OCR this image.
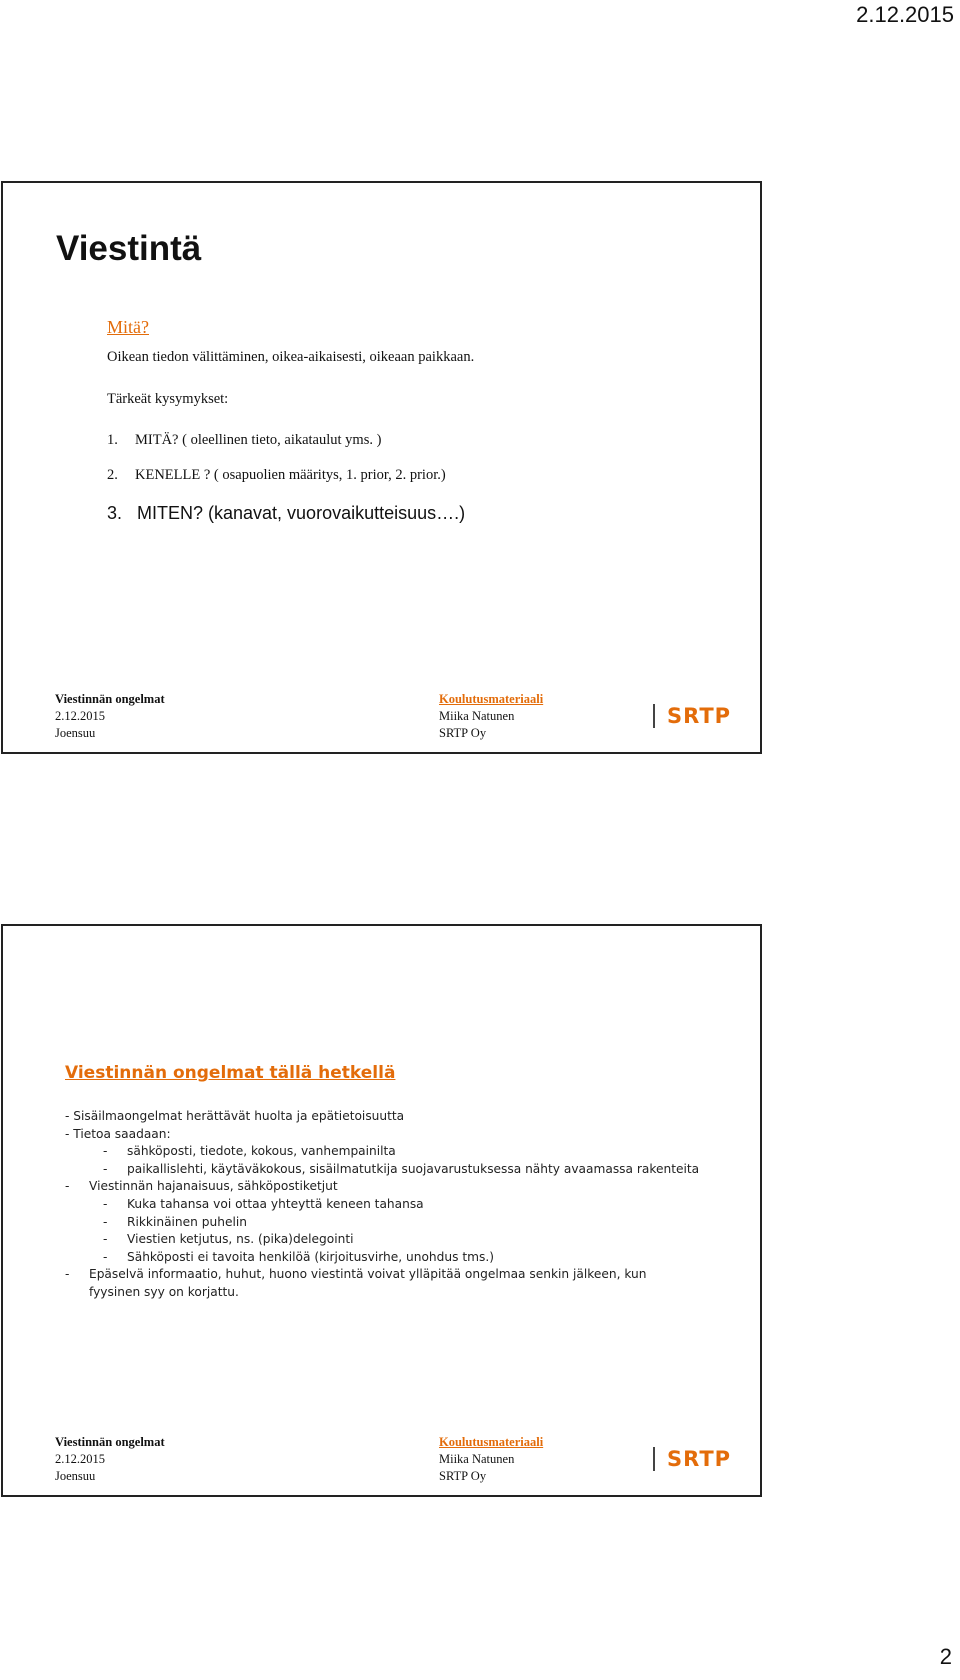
2.12.2015
Viestintä
Mitä?
Oikean tiedon välittäminen, oikea-aikaisesti, oikeaan paikkaan.
Tärkeät kysymykset:
1. MITÄ? ( oleellinen tieto, aikataulut yms. )
2. KENELLE ? ( osapuolien määritys, 1. prior, 2. prior.)
3. MITEN? (kanavat, vuorovaikutteisuus….)
Viestinnän ongelmat
2.12.2015
Joensuu
Koulutusmateriaali
Miika Natunen
SRTP Oy
SRTP
Viestinnän ongelmat tällä hetkellä
- Sisäilmaongelmat herättävät huolta ja epätietoisuutta
- Tietoa saadaan:
- sähköposti, tiedote, kokous, vanhempainilta
- paikallislehti, käytäväkokous, sisäilmatutkija suojavarustuksessa nähty avaamassa rakenteita
- Viestinnän hajanaisuus, sähköpostiketjut
- Kuka tahansa voi ottaa yhteyttä keneen tahansa
- Rikkinäinen puhelin
- Viestien ketjutus, ns. (pika)delegointi
- Sähköposti ei tavoita henkilöä (kirjoitusvirhe, unohdus tms.)
- Epäselvä informaatio, huhut, huono viestintä voivat ylläpitää ongelmaa senkin jälkeen, kun fyysinen syy on korjattu.
Viestinnän ongelmat
2.12.2015
Joensuu
Koulutusmateriaali
Miika Natunen
SRTP Oy
SRTP
2
